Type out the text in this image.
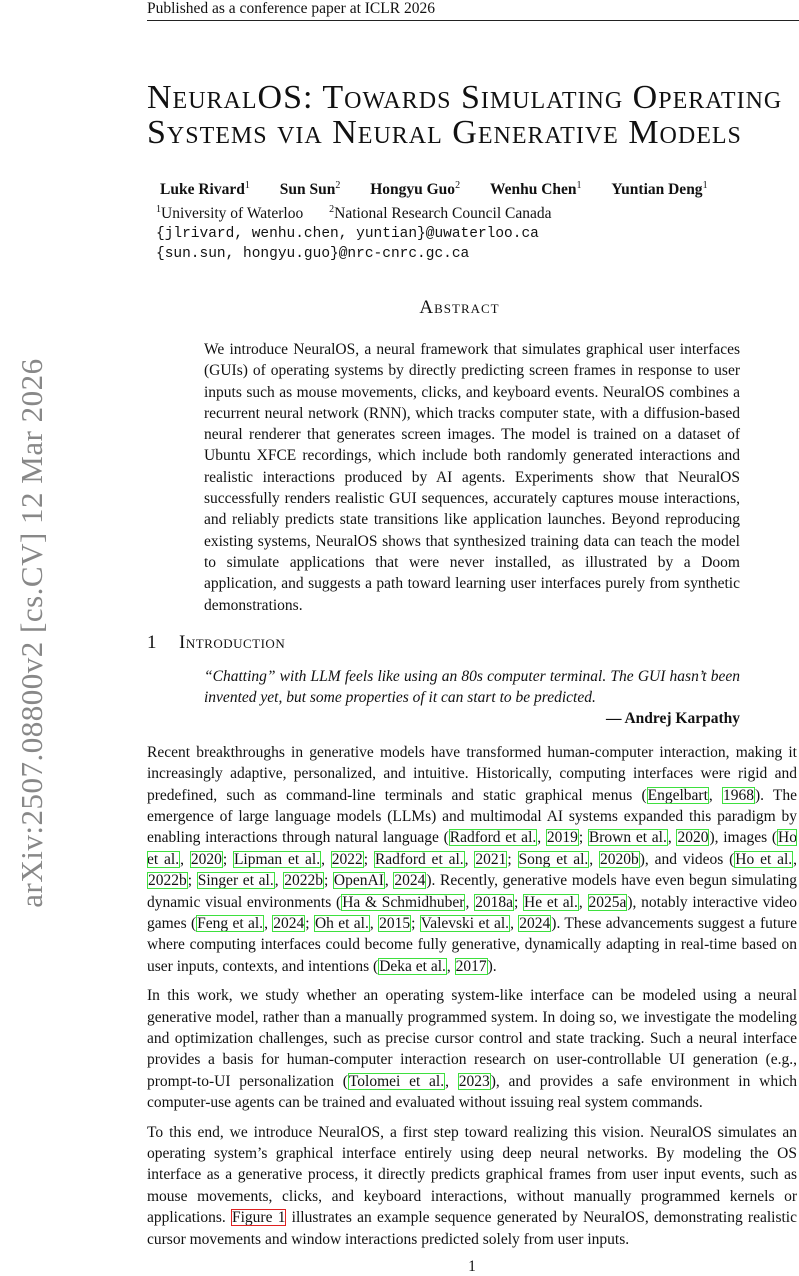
Published as a conference paper at ICLR 2026
arXiv:2507.08800v2 [cs.CV] 12 Mar 2026
NeuralOS: Towards Simulating Operating
Systems via Neural Generative Models
Luke Rivard$^1$ Sun Sun$^2$ Hongyu Guo$^2$ Wenhu Chen$^1$ Yuntian Deng$^1$
$^1$University of Waterloo	$^2$National Research Council Canada
{jlrivard, wenhu.chen, yuntian}@uwaterloo.ca
{sun.sun, hongyu.guo}@nrc-cnrc.gc.ca
Abstract
We introduce NeuralOS, a neural framework that simulates graphical user interfaces (GUIs) of operating systems by directly predicting screen frames in response to user inputs such as mouse movements, clicks, and keyboard events. NeuralOS combines a recurrent neural network (RNN), which tracks computer state, with a diffusion-based neural renderer that generates screen images. The model is trained on a dataset of Ubuntu XFCE recordings, which include both randomly generated interactions and realistic interactions produced by AI agents. Experiments show that NeuralOS successfully renders realistic GUI sequences, accurately captures mouse interactions, and reliably predicts state transitions like application launches. Beyond reproducing existing systems, NeuralOS shows that synthesized training data can teach the model to simulate applications that were never installed, as illustrated by a Doom application, and suggests a path toward learning user interfaces purely from synthetic demonstrations.
1 Introduction
“Chatting” with LLM feels like using an 80s computer terminal. The GUI hasn’t been invented yet, but some properties of it can start to be predicted.
— Andrej Karpathy

Recent breakthroughs in generative models have transformed human-computer interaction, making it increasingly adaptive, personalized, and intuitive. Historically, computing interfaces were rigid and predefined, such as command-line terminals and static graphical menus (Engelbart, 1968). The emergence of large language models (LLMs) and multimodal AI systems expanded this paradigm by enabling interactions through natural language (Radford et al., 2019; Brown et al., 2020), images (Ho et al., 2020; Lipman et al., 2022; Radford et al., 2021; Song et al., 2020b), and videos (Ho et al., 2022b; Singer et al., 2022b; OpenAI, 2024). Recently, generative models have even begun simulating dynamic visual environments (Ha & Schmidhuber, 2018a; He et al., 2025a), notably interactive video games (Feng et al., 2024; Oh et al., 2015; Valevski et al., 2024). These advancements suggest a future where computing interfaces could become fully generative, dynamically adapting in real-time based on user inputs, contexts, and intentions (Deka et al., 2017).

In this work, we study whether an operating system-like interface can be modeled using a neural generative model, rather than a manually programmed system. In doing so, we investigate the modeling and optimization challenges, such as precise cursor control and state tracking. Such a neural interface provides a basis for human-computer interaction research on user-controllable UI generation (e.g., prompt-to-UI personalization (Tolomei et al., 2023), and provides a safe environment in which computer-use agents can be trained and evaluated without issuing real system commands.

To this end, we introduce NeuralOS, a first step toward realizing this vision. NeuralOS simulates an operating system’s graphical interface entirely using deep neural networks. By modeling the OS interface as a generative process, it directly predicts graphical frames from user input events, such as mouse movements, clicks, and keyboard interactions, without manually programmed kernels or applications. Figure 1 illustrates an example sequence generated by NeuralOS, demonstrating realistic cursor movements and window interactions predicted solely from user inputs.

1
